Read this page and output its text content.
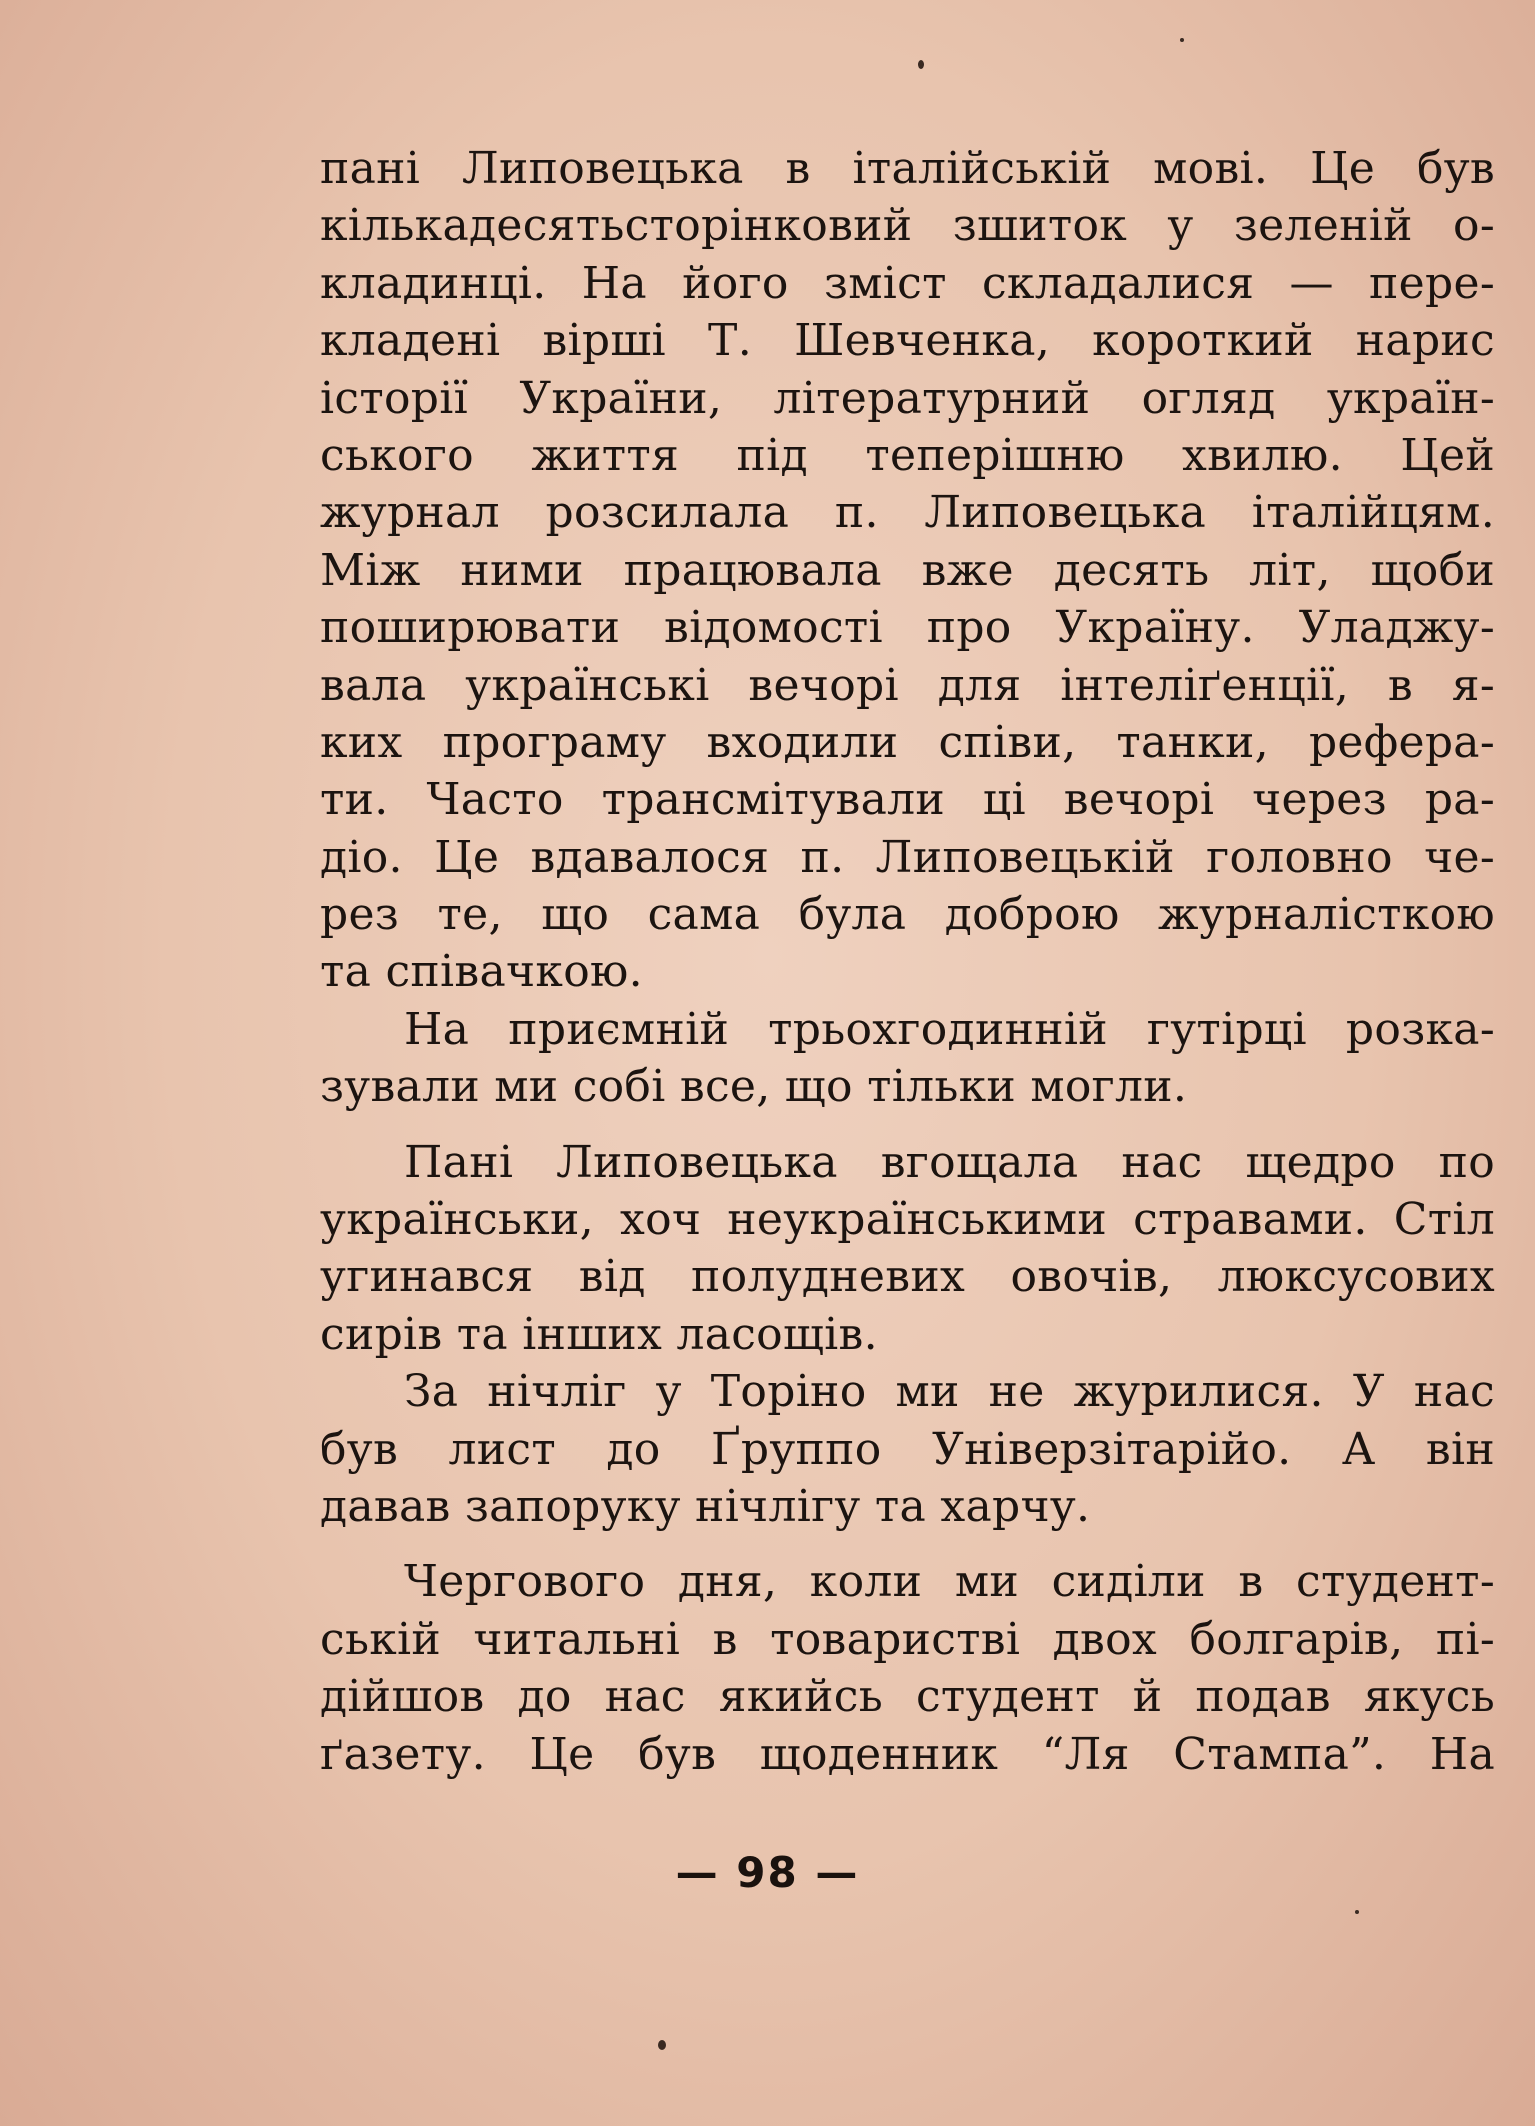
пані Липовецька в італійській мові. Це був
кількадесятьсторінковий зшиток у зеленій о-
кладинці. На його зміст складалися — пере-
кладені вірші Т. Шевченка, короткий нарис
історії України, літературний огляд україн-
ського життя під теперішню хвилю. Цей
журнал розсилала п. Липовецька італійцям.
Між ними працювала вже десять літ, щоби
поширювати відомості про Україну. Уладжу-
вала українські вечорі для інтеліґенції, в я-
ких програму входили співи, танки, рефера-
ти. Часто трансмітували ці вечорі через ра-
діо. Це вдавалося п. Липовецькій головно че-
рез те, що сама була доброю журналісткою
та співачкою.
На приємній трьохгодинній гутірці розка-
зували ми собі все, що тільки могли.
Пані Липовецька вгощала нас щедро по
українськи, хоч неукраїнськими стравами. Стіл
угинався від полудневих овочів, люксусових
сирів та інших ласощів.
За нічліг у Торіно ми не журилися. У нас
був лист до Ґруппо Універзітарійо. А він
давав запоруку нічлігу та харчу.
Чергового дня, коли ми сиділи в студент-
ській читальні в товаристві двох болгарів, пі-
дійшов до нас якийсь студент й подав якусь
ґазету. Це був щоденник “Ля Стампа”. На
— 98 —
